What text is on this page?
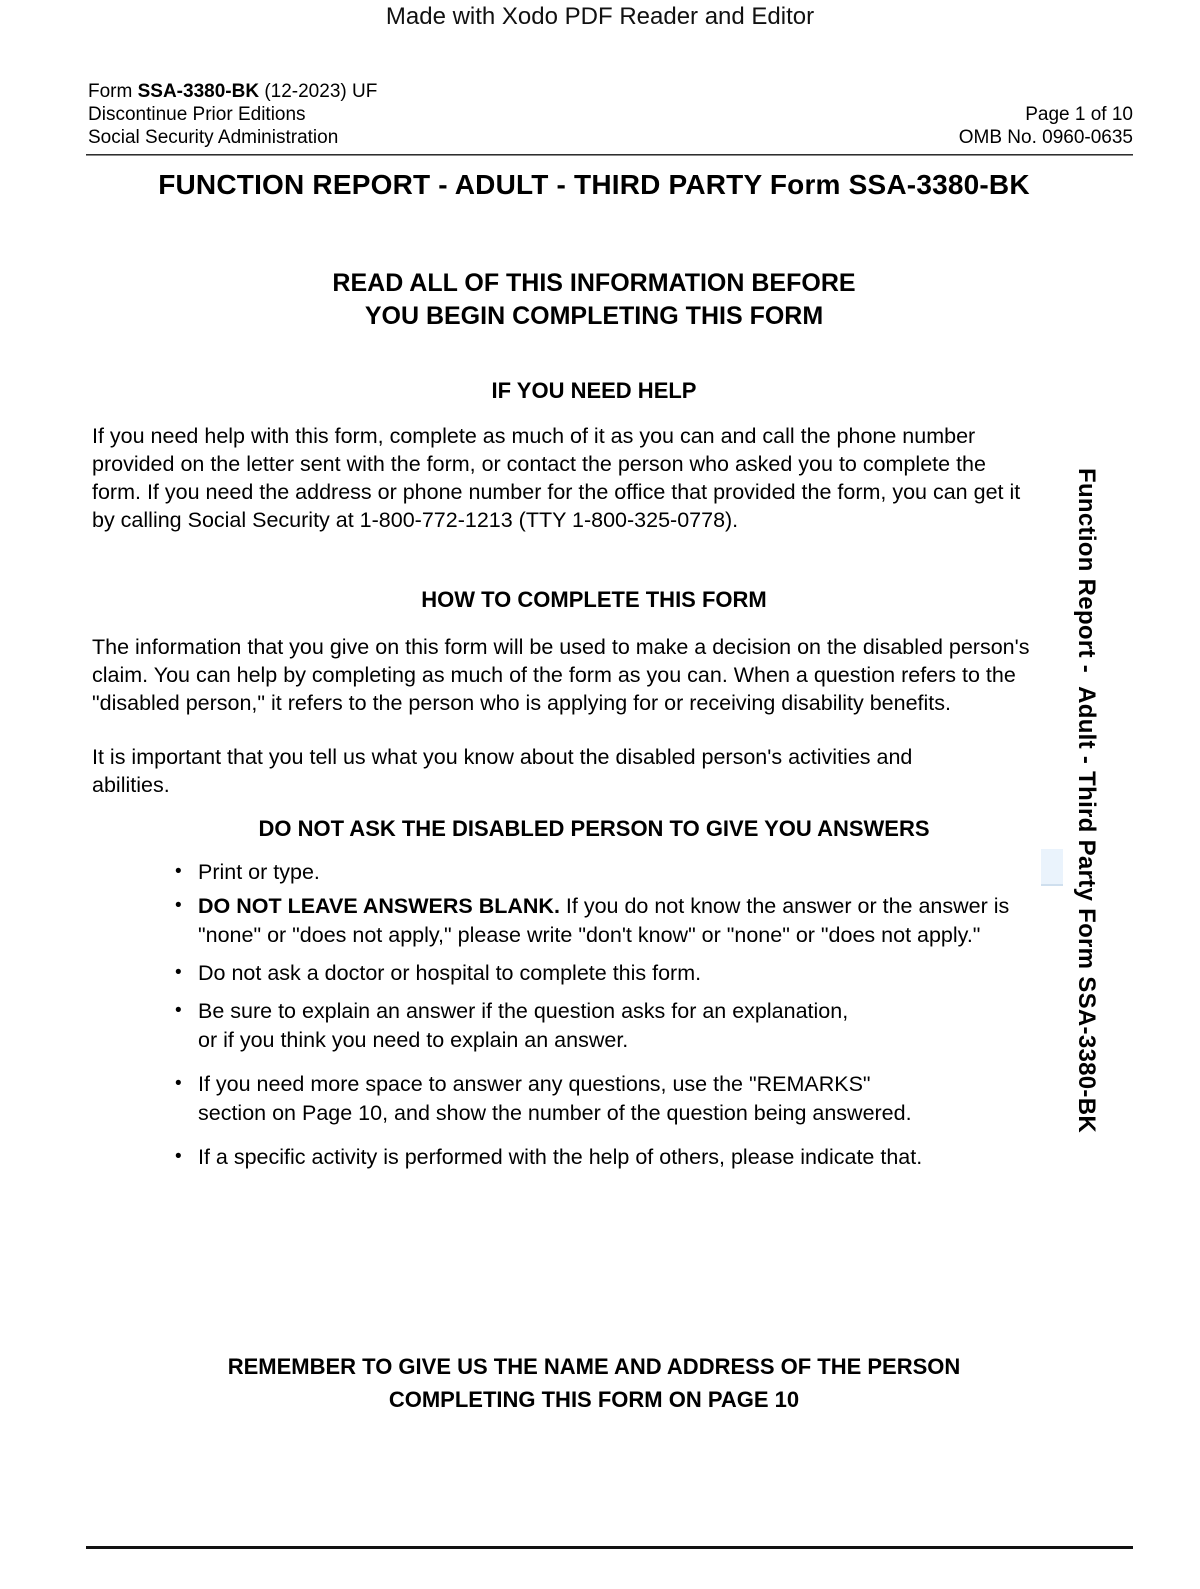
Made with Xodo PDF Reader and Editor
Form SSA-3380-BK (12-2023) UF
Discontinue Prior Editions
Social Security Administration
Page 1 of 10
OMB No. 0960-0635
FUNCTION REPORT - ADULT - THIRD PARTY Form SSA-3380-BK
READ ALL OF THIS INFORMATION BEFORE
YOU BEGIN COMPLETING THIS FORM
IF YOU NEED HELP

If you need help with this form, complete as much of it as you can and call the phone number provided on the letter sent with the form, or contact the person who asked you to complete the form. If you need the address or phone number for the office that provided the form, you can get it by calling Social Security at 1-800-772-1213 (TTY 1-800-325-0778).

HOW TO COMPLETE THIS FORM

The information that you give on this form will be used to make a decision on the disabled person's claim. You can help by completing as much of the form as you can. When a question refers to the "disabled person," it refers to the person who is applying for or receiving disability benefits.

It is important that you tell us what you know about the disabled person's activities and
abilities.

DO NOT ASK THE DISABLED PERSON TO GIVE YOU ANSWERS
• Print or type.
• DO NOT LEAVE ANSWERS BLANK. If you do not know the answer or the answer is "none" or "does not apply," please write "don't know" or "none" or "does not apply."
• Do not ask a doctor or hospital to complete this form.
• Be sure to explain an answer if the question asks for an explanation,
or if you think you need to explain an answer.
• If you need more space to answer any questions, use the "REMARKS"
section on Page 10, and show the number of the question being answered.
• If a specific activity is performed with the help of others, please indicate that.
REMEMBER TO GIVE US THE NAME AND ADDRESS OF THE PERSON
COMPLETING THIS FORM ON PAGE 10
Function Report -  Adult - Third Party Form SSA-3380-BK
